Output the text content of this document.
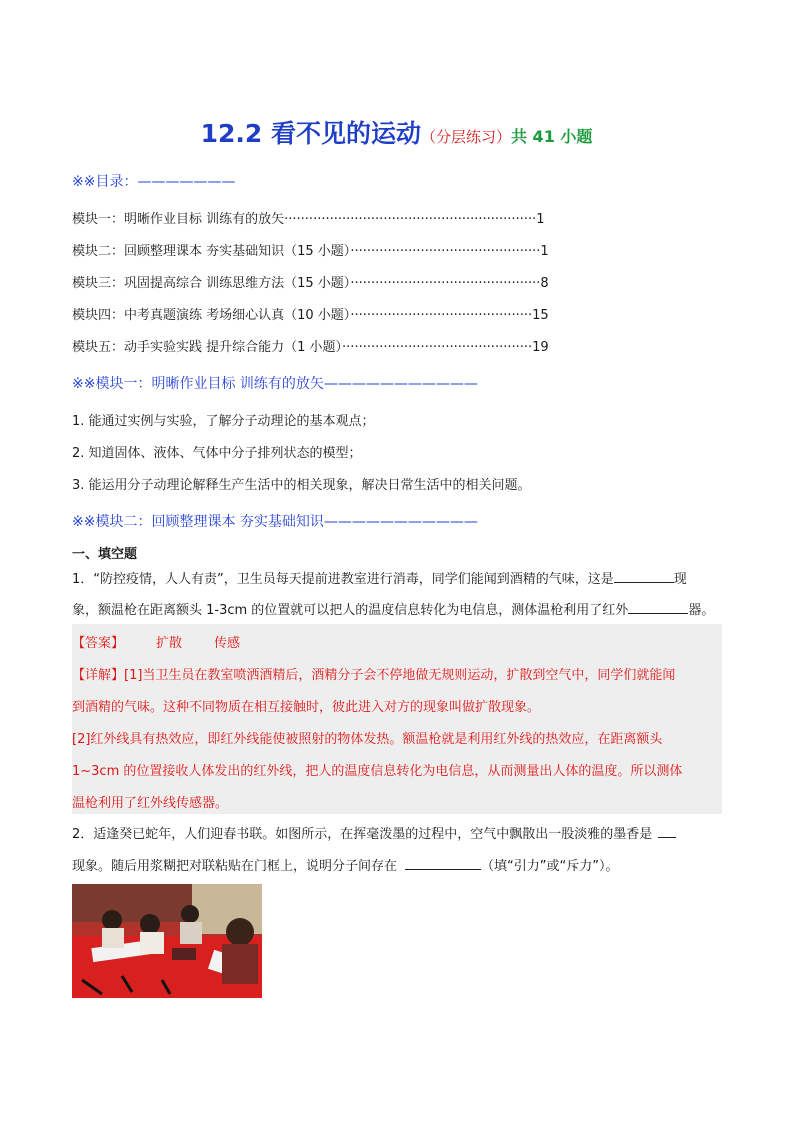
12.2 看不见的运动（分层练习）共 41 小题
※※目录：———————
模块一：明晰作业目标 训练有的放矢·····························································1
模块二：回顾整理课本 夯实基础知识（15 小题）··············································1
模块三：巩固提高综合 训练思维方法（15 小题）··············································8
模块四：中考真题演练 考场细心认真（10 小题）············································15
模块五：动手实验实践 提升综合能力（1 小题）··············································19
※※模块一：明晰作业目标 训练有的放矢———————————
1. 能通过实例与实验，了解分子动理论的基本观点；
2. 知道固体、液体、气体中分子排列状态的模型；
3. 能运用分子动理论解释生产生活中的相关现象，解决日常生活中的相关问题。
※※模块二：回顾整理课本 夯实基础知识———————————
一、填空题
1．“防控疫情，人人有责”，卫生员每天提前进教室进行消毒，同学们能闻到酒精的气味，这是	现
象，额温枪在距离额头 1-3cm 的位置就可以把人的温度信息转化为电信息，测体温枪利用了红外	器。
【答案】 扩散 传感
【详解】[1]当卫生员在教室喷洒酒精后，酒精分子会不停地做无规则运动，扩散到空气中，同学们就能闻
到酒精的气味。这种不同物质在相互接触时，彼此进入对方的现象叫做扩散现象。
[2]红外线具有热效应，即红外线能使被照射的物体发热。额温枪就是利用红外线的热效应，在距离额头
1~3cm 的位置接收人体发出的红外线，把人的温度信息转化为电信息，从而测量出人体的温度。所以测体
温枪利用了红外线传感器。
2．适逢癸已蛇年，人们迎春书联。如图所示，在挥毫泼墨的过程中，空气中飘散出一股淡雅的墨香是
现象。随后用浆糊把对联粘贴在门框上，说明分子间存在	（填“引力”或“斥力”）。
